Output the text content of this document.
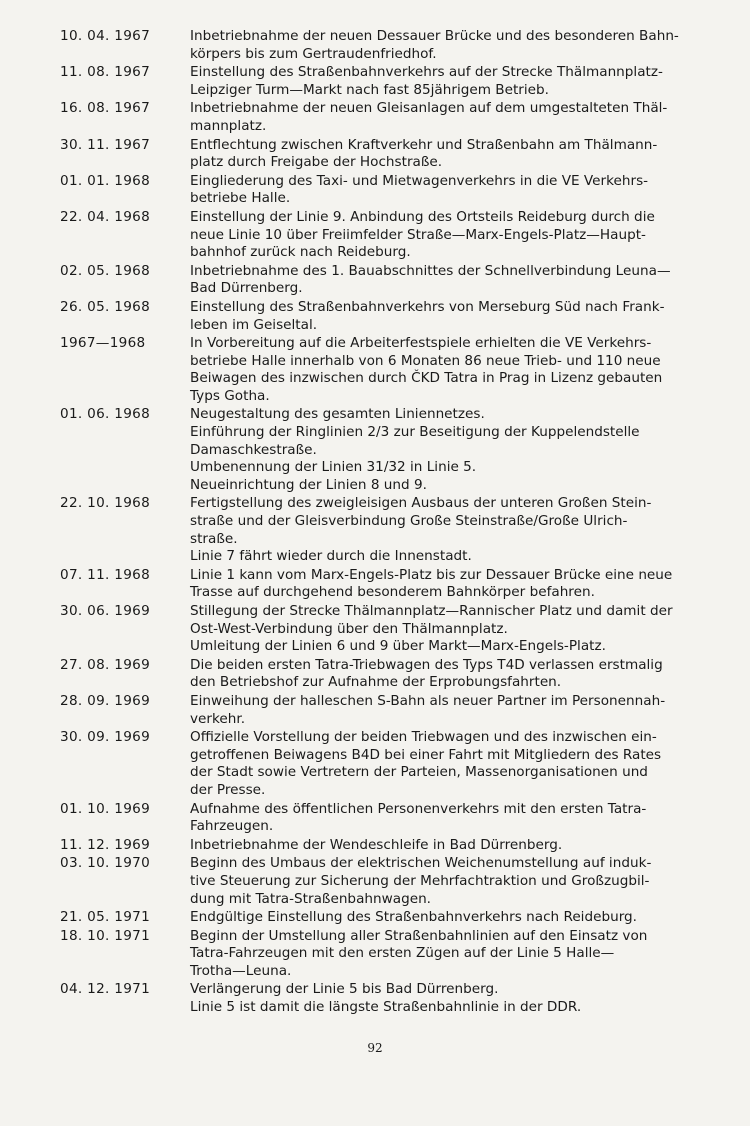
10. 04. 1967	Inbetriebnahme der neuen Dessauer Brücke und des besonderen Bahn-
körpers bis zum Gertraudenfriedhof.
11. 08. 1967	Einstellung des Straßenbahnverkehrs auf der Strecke Thälmannplatz-
Leipziger Turm—Markt nach fast 85jährigem Betrieb.
16. 08. 1967	Inbetriebnahme der neuen Gleisanlagen auf dem umgestalteten Thäl-
mannplatz.
30. 11. 1967	Entflechtung zwischen Kraftverkehr und Straßenbahn am Thälmann-
platz durch Freigabe der Hochstraße.
01. 01. 1968	Eingliederung des Taxi- und Mietwagenverkehrs in die VE Verkehrs-
betriebe Halle.
22. 04. 1968	Einstellung der Linie 9. Anbindung des Ortsteils Reideburg durch die
neue Linie 10 über Freiimfelder Straße—Marx-Engels-Platz—Haupt-
bahnhof zurück nach Reideburg.
02. 05. 1968	Inbetriebnahme des 1. Bauabschnittes der Schnellverbindung Leuna—
Bad Dürrenberg.
26. 05. 1968	Einstellung des Straßenbahnverkehrs von Merseburg Süd nach Frank-
leben im Geiseltal.
1967—1968	In Vorbereitung auf die Arbeiterfestspiele erhielten die VE Verkehrs-
betriebe Halle innerhalb von 6 Monaten 86 neue Trieb- und 110 neue
Beiwagen des inzwischen durch ČKD Tatra in Prag in Lizenz gebauten
Typs Gotha.
01. 06. 1968	Neugestaltung des gesamten Liniennetzes.
Einführung der Ringlinien 2/3 zur Beseitigung der Kuppelendstelle
Damaschkestraße.
Umbenennung der Linien 31/32 in Linie 5.
Neueinrichtung der Linien 8 und 9.
22. 10. 1968	Fertigstellung des zweigleisigen Ausbaus der unteren Großen Stein-
straße und der Gleisverbindung Große Steinstraße/Große Ulrich-
straße.
Linie 7 fährt wieder durch die Innenstadt.
07. 11. 1968	Linie 1 kann vom Marx-Engels-Platz bis zur Dessauer Brücke eine neue
Trasse auf durchgehend besonderem Bahnkörper befahren.
30. 06. 1969	Stillegung der Strecke Thälmannplatz—Rannischer Platz und damit der
Ost-West-Verbindung über den Thälmannplatz.
Umleitung der Linien 6 und 9 über Markt—Marx-Engels-Platz.
27. 08. 1969	Die beiden ersten Tatra-Triebwagen des Typs T4D verlassen erstmalig
den Betriebshof zur Aufnahme der Erprobungsfahrten.
28. 09. 1969	Einweihung der halleschen S-Bahn als neuer Partner im Personennah-
verkehr.
30. 09. 1969	Offizielle Vorstellung der beiden Triebwagen und des inzwischen ein-
getroffenen Beiwagens B4D bei einer Fahrt mit Mitgliedern des Rates
der Stadt sowie Vertretern der Parteien, Massenorganisationen und
der Presse.
01. 10. 1969	Aufnahme des öffentlichen Personenverkehrs mit den ersten Tatra-
Fahrzeugen.
11. 12. 1969	Inbetriebnahme der Wendeschleife in Bad Dürrenberg.
03. 10. 1970	Beginn des Umbaus der elektrischen Weichenumstellung auf induk-
tive Steuerung zur Sicherung der Mehrfachtraktion und Großzugbil-
dung mit Tatra-Straßenbahnwagen.
21. 05. 1971	Endgültige Einstellung des Straßenbahnverkehrs nach Reideburg.
18. 10. 1971	Beginn der Umstellung aller Straßenbahnlinien auf den Einsatz von
Tatra-Fahrzeugen mit den ersten Zügen auf der Linie 5 Halle—
Trotha—Leuna.
04. 12. 1971	Verlängerung der Linie 5 bis Bad Dürrenberg.
Linie 5 ist damit die längste Straßenbahnlinie in der DDR.
92
